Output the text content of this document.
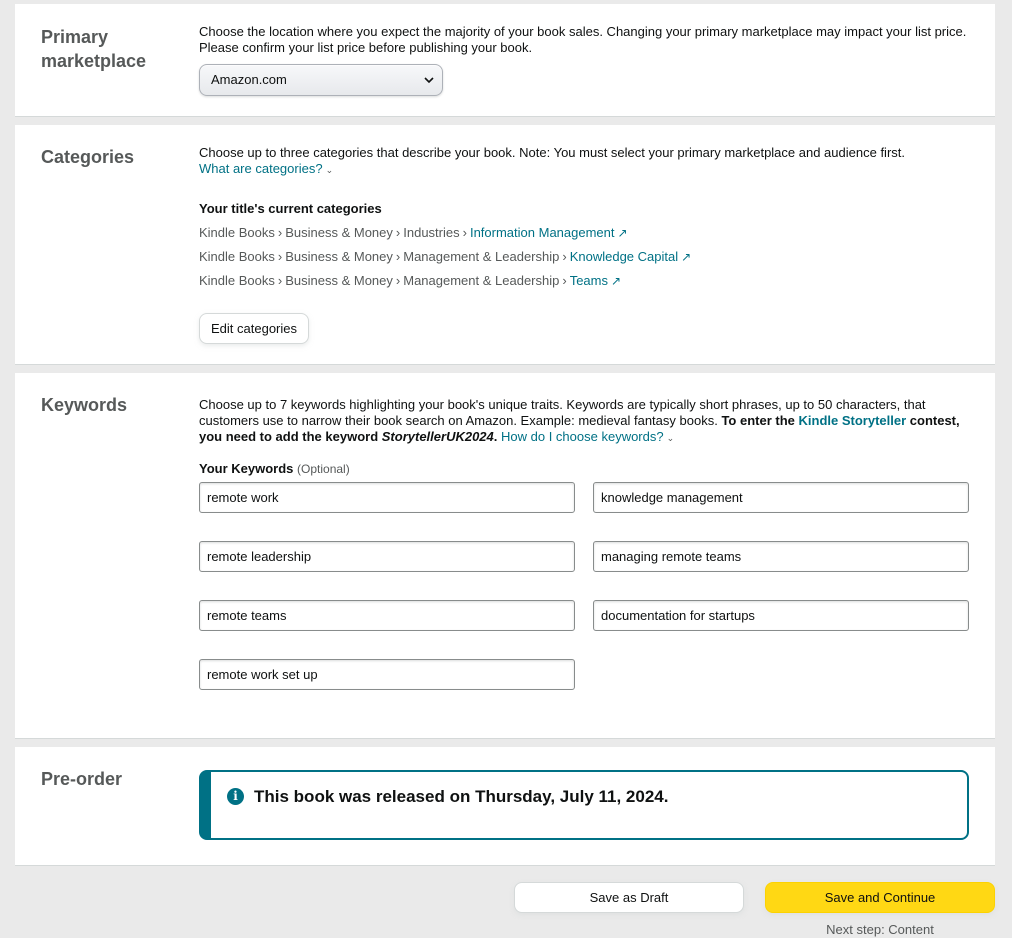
Primary marketplace
Choose the location where you expect the majority of your book sales. Changing your primary marketplace may impact your list price. Please confirm your list price before publishing your book.
Amazon.com
Categories	Choose up to three categories that describe your book. Note: You must select your primary marketplace and audience first.
What are categories? ⌄
Your title's current categories
Kindle Books › Business & Money › Industries › Information Management ↗
Kindle Books › Business & Money › Management & Leadership › Knowledge Capital ↗
Kindle Books › Business & Money › Management & Leadership › Teams ↗
Edit categories
Keywords	Choose up to 7 keywords highlighting your book's unique traits. Keywords are typically short phrases, up to 50 characters, that customers use to narrow their book search on Amazon. Example: medieval fantasy books. To enter the Kindle Storyteller contest, you need to add the keyword StorytellerUK2024. How do I choose keywords? ⌄
Your Keywords (Optional)
remote work
knowledge management
remote leadership
managing remote teams
remote teams
documentation for startups
remote work set up
Pre-order
i This book was released on Thursday, July 11, 2024.
Save as Draft	Save and Continue
Next step: Content
